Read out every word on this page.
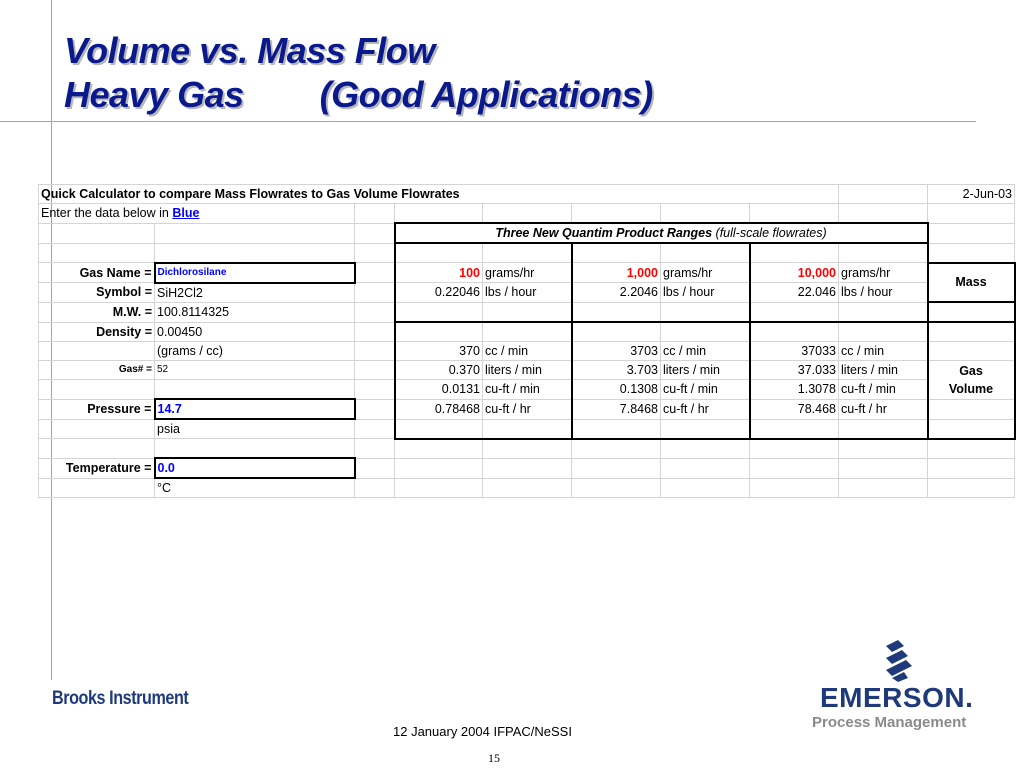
Volume vs. Mass Flow
Heavy Gas        (Good Applications)
Quick Calculator to compare Mass Flowrates to Gas Volume Flowrates									2-Jun-03
Enter the data below in Blue									
			Three New Quantim Product Ranges (full-scale flowrates)						

Gas Name =	Dichlorosilane		100	grams/hr	1,000	grams/hr	10,000	grams/hr	Mass
Symbol =	SiH2Cl2		0.22046	lbs / hour	2.2046	lbs / hour	22.046	lbs / hour	
M.W. =	100.8114325								
Density =	0.00450								
	(grams / cc)		370	cc / min	3703	cc / min	37033	cc / min	
Gas# =	52		0.370	liters / min	3.703	liters / min	37.033	liters / min	Gas
Volume
			0.0131	cu-ft / min	0.1308	cu-ft / min	1.3078	cu-ft / min	
Pressure =	14.7		0.78468	cu-ft / hr	7.8468	cu-ft / hr	78.468	cu-ft / hr	
	psia								

Temperature =	0.0								
	°C								
Brooks Instrument
12 January 2004 IFPAC/NeSSI
15
EMERSON.
Process Management
